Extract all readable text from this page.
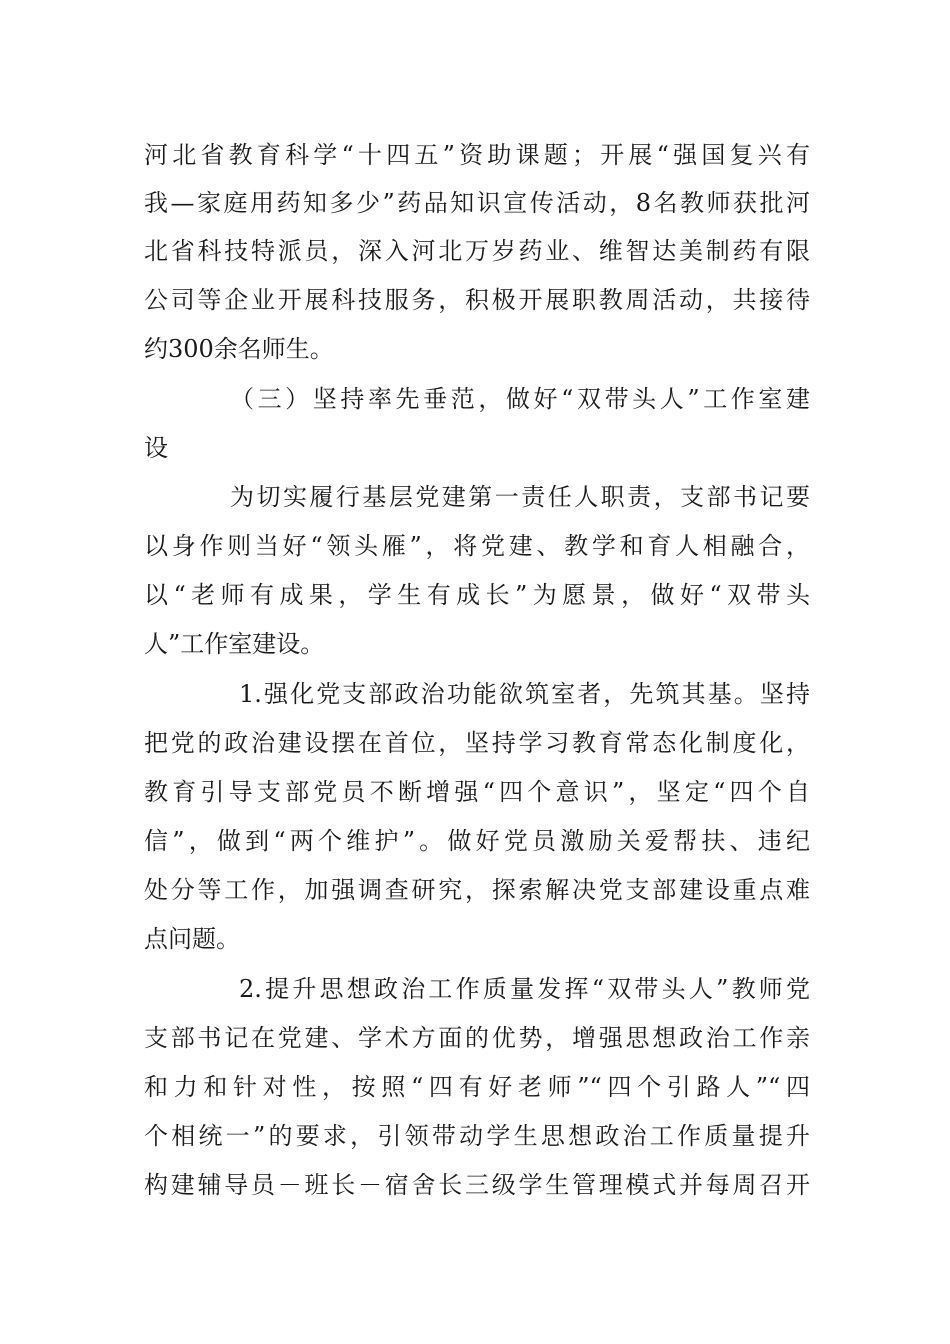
河北省教育科学“十四五”资助课题；开展“强国复兴有
我—家庭用药知多少”药品知识宣传活动，8名教师获批河
北省科技特派员，深入河北万岁药业、维智达美制药有限
公司等企业开展科技服务，积极开展职教周活动，共接待
约300余名师生。
（三）坚持率先垂范，做好“双带头人”工作室建
设
为切实履行基层党建第一责任人职责，支部书记要
以身作则当好“领头雁”，将党建、教学和育人相融合，
以“老师有成果，学生有成长”为愿景，做好“双带头
人”工作室建设。
1.强化党支部政治功能欲筑室者，先筑其基。坚持
把党的政治建设摆在首位，坚持学习教育常态化制度化，
教育引导支部党员不断增强“四个意识”，坚定“四个自
信”，做到“两个维护”。做好党员激励关爱帮扶、违纪
处分等工作，加强调查研究，探索解决党支部建设重点难
点问题。
2.提升思想政治工作质量发挥“双带头人”教师党
支部书记在党建、学术方面的优势，增强思想政治工作亲
和力和针对性，按照“四有好老师”“四个引路人”“四
个相统一”的要求，引领带动学生思想政治工作质量提升
构建辅导员－班长－宿舍长三级学生管理模式并每周召开
